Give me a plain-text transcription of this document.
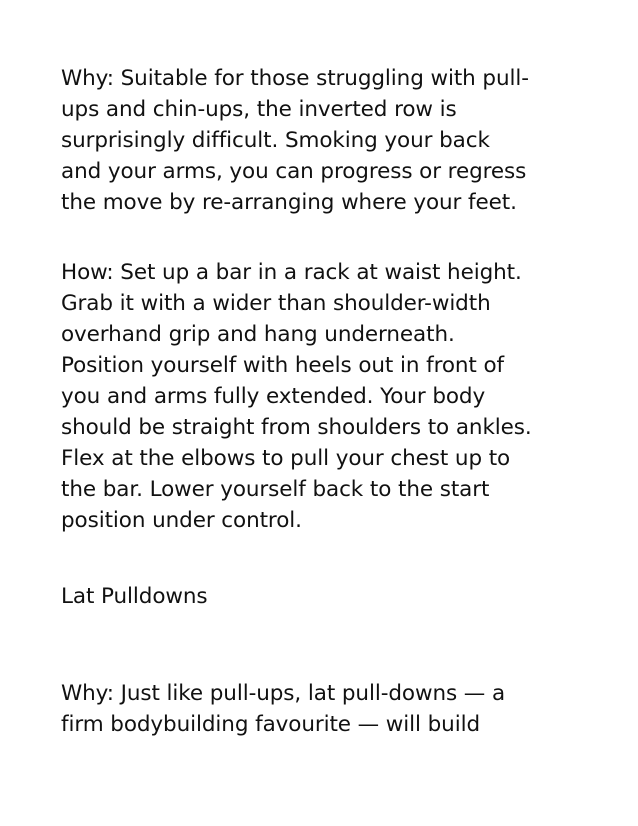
Why: Suitable for those struggling with pull-
ups and chin-ups, the inverted row is
surprisingly difficult. Smoking your back
and your arms, you can progress or regress
the move by re-arranging where your feet.
How: Set up a bar in a rack at waist height.
Grab it with a wider than shoulder-width
overhand grip and hang underneath.
Position yourself with heels out in front of
you and arms fully extended. Your body
should be straight from shoulders to ankles.
Flex at the elbows to pull your chest up to
the bar. Lower yourself back to the start
position under control.
Lat Pulldowns
Why: Just like pull-ups, lat pull-downs — a
firm bodybuilding favourite — will build
